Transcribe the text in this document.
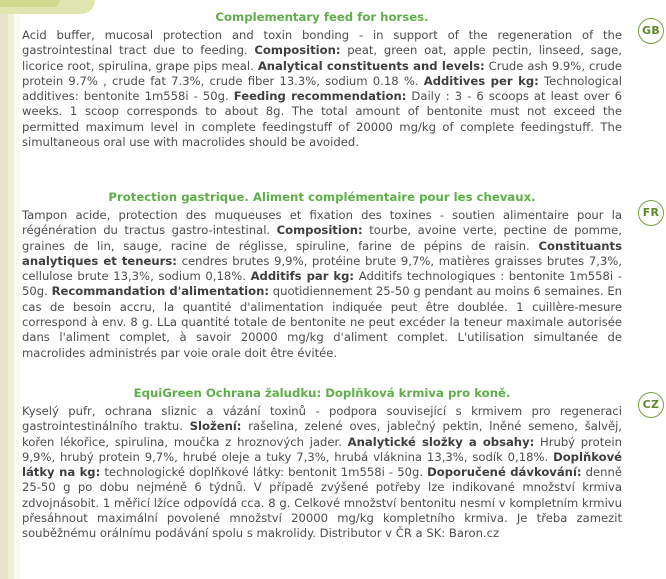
GB

Complementary feed for horses.

Acid buffer, mucosal protection and toxin bonding - in support of the regeneration of the gastrointestinal tract due to feeding. Composition: peat, green oat, apple pectin, linseed, sage, licorice root, spirulina, grape pips meal. Analytical constituents and levels: Crude ash 9.9%, crude protein 9.7% , crude fat 7.3%, crude fiber 13.3%, sodium 0.18 %. Additives per kg: Technological additives: bentonite 1m558i - 50g. Feeding recommendation: Daily : 3 - 6 scoops at least over 6 weeks. 1 scoop corresponds to about 8g. The total amount of bentonite must not exceed the permitted maximum level in complete feedingstuff of 20000 mg/kg of complete feedingstuff. The simultaneous oral use with macrolides should be avoided.

FR

Protection gastrique. Aliment complémentaire pour les chevaux.

Tampon acide, protection des muqueuses et fixation des toxines - soutien alimentaire pour la régénération du tractus gastro-intestinal. Composition: tourbe, avoine verte, pectine de pomme, graines de lin, sauge, racine de réglisse, spiruline, farine de pépins de raisin. Constituants analytiques et teneurs: cendres brutes 9,9%, protéine brute 9,7%, matières graisses brutes 7,3%, cellulose brute 13,3%, sodium 0,18%. Additifs par kg: Additifs technologiques : bentonite 1m558i - 50g. Recommandation d'alimentation: quotidiennement 25-50 g pendant au moins 6 semaines. En cas de besoin accru, la quantité d'alimentation indiquée peut être doublée. 1 cuillère-mesure correspond à env. 8 g. LLa quantité totale de bentonite ne peut excéder la teneur maximale autorisée dans l'aliment complet, à savoir 20000 mg/kg d'aliment complet. L'utilisation simultanée de macrolides administrés par voie orale doit être évitée.

CZ

EquiGreen Ochrana žaludku: Doplňková krmiva pro koně.

Kyselý pufr, ochrana sliznic a vázání toxinů - podpora související s krmivem pro regeneraci gastrointestinálního traktu. Složení: rašelina, zelené oves, jablečný pektin, lněné semeno, šalvěj, kořen lékořice, spirulina, moučka z hroznových jader. Analytické složky a obsahy: Hrubý protein 9,9%, hrubý protein 9,7%, hrubé oleje a tuky 7,3%, hrubá vláknina 13,3%, sodík 0,18%. Doplňkové látky na kg: technologické doplňkové látky: bentonit 1m558i - 50g. Doporučené dávkování: denně 25-50 g po dobu nejméně 6 týdnů. V případě zvýšené potřeby lze indikované množství krmiva zdvojnásobit. 1 měřicí lžíce odpovídá cca. 8 g. Celkové množství bentonitu nesmí v kompletním krmivu přesáhnout maximální povolené množství 20000 mg/kg kompletního krmiva. Je třeba zamezit souběžnému orálnímu podávání spolu s makrolidy. Distributor v ČR a SK: Baron.cz
